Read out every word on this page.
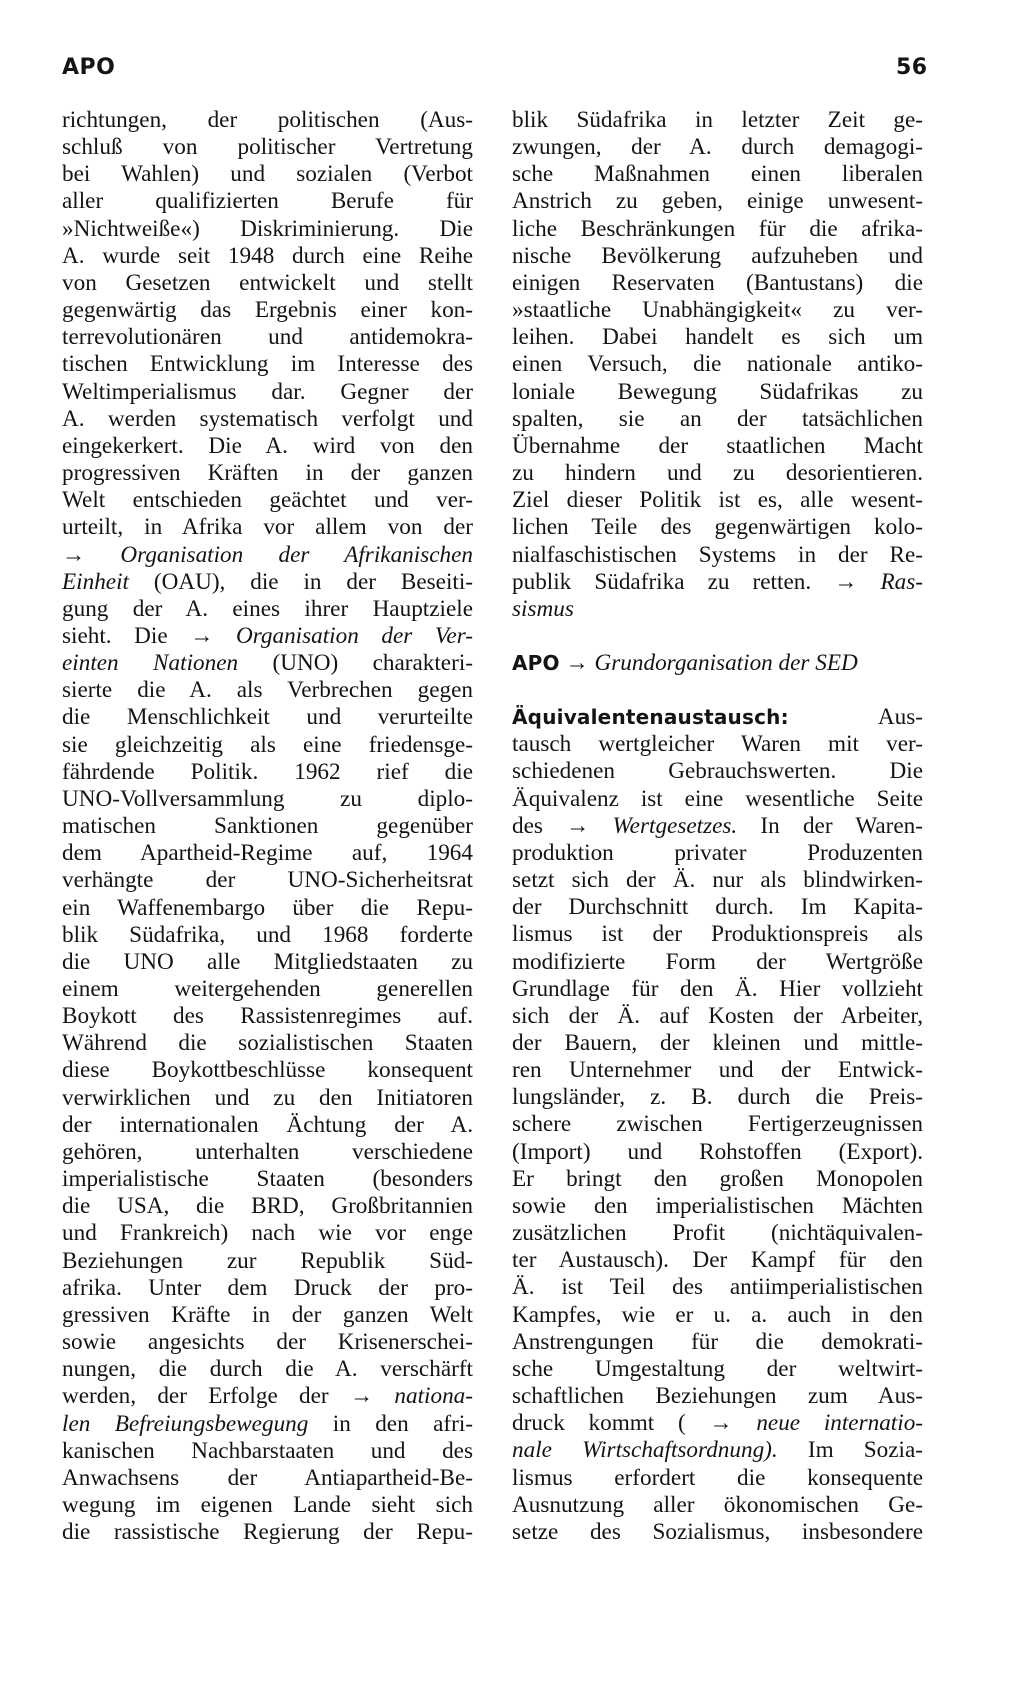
APO	56
richtungen, der politischen (Aus-
schluß von politischer Vertretung
bei Wahlen) und sozialen (Verbot
aller qualifizierten Berufe für
»Nichtweiße«) Diskriminierung. Die
A. wurde seit 1948 durch eine Reihe
von Gesetzen entwickelt und stellt
gegenwärtig das Ergebnis einer kon-
terrevolutionären und antidemokra-
tischen Entwicklung im Interesse des
Weltimperialismus dar. Gegner der
A. werden systematisch verfolgt und
eingekerkert. Die A. wird von den
progressiven Kräften in der ganzen
Welt entschieden geächtet und ver-
urteilt, in Afrika vor allem von der
→ Organisation der Afrikanischen
Einheit (OAU), die in der Beseiti-
gung der A. eines ihrer Hauptziele
sieht. Die → Organisation der Ver-
einten Nationen (UNO) charakteri-
sierte die A. als Verbrechen gegen
die Menschlichkeit und verurteilte
sie gleichzeitig als eine friedensge-
fährdende Politik. 1962 rief die
UNO-Vollversammlung zu diplo-
matischen Sanktionen gegenüber
dem Apartheid-Regime auf, 1964
verhängte der UNO-Sicherheitsrat
ein Waffenembargo über die Repu-
blik Südafrika, und 1968 forderte
die UNO alle Mitgliedstaaten zu
einem weitergehenden generellen
Boykott des Rassistenregimes auf.
Während die sozialistischen Staaten
diese Boykottbeschlüsse konsequent
verwirklichen und zu den Initiatoren
der internationalen Ächtung der A.
gehören, unterhalten verschiedene
imperialistische Staaten (besonders
die USA, die BRD, Großbritannien
und Frankreich) nach wie vor enge
Beziehungen zur Republik Süd-
afrika. Unter dem Druck der pro-
gressiven Kräfte in der ganzen Welt
sowie angesichts der Krisenerschei-
nungen, die durch die A. verschärft
werden, der Erfolge der → nationa-
len Befreiungsbewegung in den afri-
kanischen Nachbarstaaten und des
Anwachsens der Antiapartheid-Be-
wegung im eigenen Lande sieht sich
die rassistische Regierung der Repu-
blik Südafrika in letzter Zeit ge-
zwungen, der A. durch demagogi-
sche Maßnahmen einen liberalen
Anstrich zu geben, einige unwesent-
liche Beschränkungen für die afrika-
nische Bevölkerung aufzuheben und
einigen Reservaten (Bantustans) die
»staatliche Unabhängigkeit« zu ver-
leihen. Dabei handelt es sich um
einen Versuch, die nationale antiko-
loniale Bewegung Südafrikas zu
spalten, sie an der tatsächlichen
Übernahme der staatlichen Macht
zu hindern und zu desorientieren.
Ziel dieser Politik ist es, alle wesent-
lichen Teile des gegenwärtigen kolo-
nialfaschistischen Systems in der Re-
publik Südafrika zu retten. → Ras-
sismus
APO → Grundorganisation der SED
Äquivalentenaustausch: Aus-
tausch wertgleicher Waren mit ver-
schiedenen Gebrauchswerten. Die
Äquivalenz ist eine wesentliche Seite
des → Wertgesetzes. In der Waren-
produktion privater Produzenten
setzt sich der Ä. nur als blindwirken-
der Durchschnitt durch. Im Kapita-
lismus ist der Produktionspreis als
modifizierte Form der Wertgröße
Grundlage für den Ä. Hier vollzieht
sich der Ä. auf Kosten der Arbeiter,
der Bauern, der kleinen und mittle-
ren Unternehmer und der Entwick-
lungsländer, z. B. durch die Preis-
schere zwischen Fertigerzeugnissen
(Import) und Rohstoffen (Export).
Er bringt den großen Monopolen
sowie den imperialistischen Mächten
zusätzlichen Profit (nichtäquivalen-
ter Austausch). Der Kampf für den
Ä. ist Teil des antiimperialistischen
Kampfes, wie er u. a. auch in den
Anstrengungen für die demokrati-
sche Umgestaltung der weltwirt-
schaftlichen Beziehungen zum Aus-
druck kommt ( → neue internatio-
nale Wirtschaftsordnung). Im Sozia-
lismus erfordert die konsequente
Ausnutzung aller ökonomischen Ge-
setze des Sozialismus, insbesondere
